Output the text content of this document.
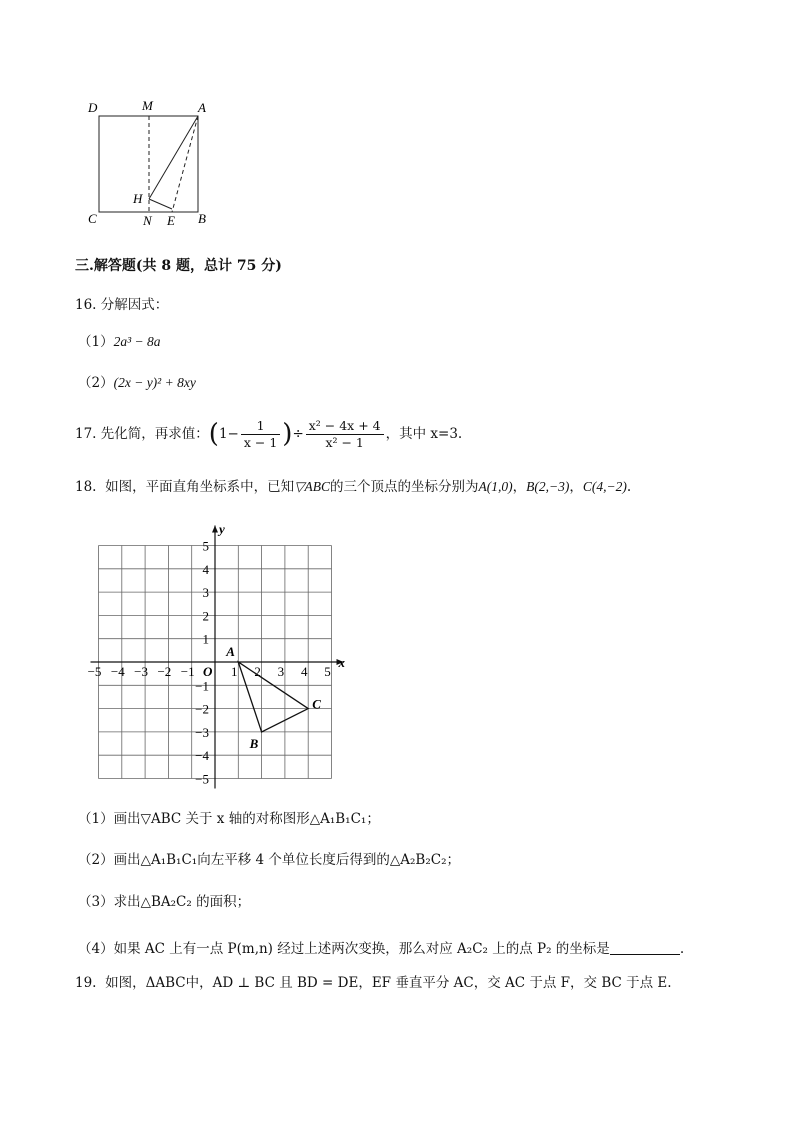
D	M	A
H
C	N E B
三.解答题(共 8 题，总计 75 分)
16. 分解因式：
（1）2a³ − 8a
（2）(2x − y)² + 8xy
17.
先化简，再求值： ( $1 - \frac{1}{x - 1}$ ) ÷ $\frac{\text{x² − 4x + 4}}{\text{x² − 1}}$ ，其中 x=3.
18. 如图，平面直角坐标系中，已知▽ABC的三个顶点的坐标分别为A(1,0)，B(2,−3)，C(4,−2).
x
y
O
−5 −4 −3 −2 −1	1 2 3 4 5
5
4
3
2
1
−1
−2
−3
−4
−5
A
B
C
（1）画出▽ABC 关于 x 轴的对称图形△A₁B₁C₁；
（2）画出△A₁B₁C₁向左平移 4 个单位长度后得到的△A₂B₂C₂；
（3）求出△BA₂C₂ 的面积；
（4）如果 AC 上有一点 P(m,n) 经过上述两次变换，那么对应 A₂C₂ 上的点 P₂ 的坐标是	.
19. 如图，ΔABC中，AD ⊥ BC 且 BD = DE，EF 垂直平分 AC，交 AC 于点 F，交 BC 于点 E.
